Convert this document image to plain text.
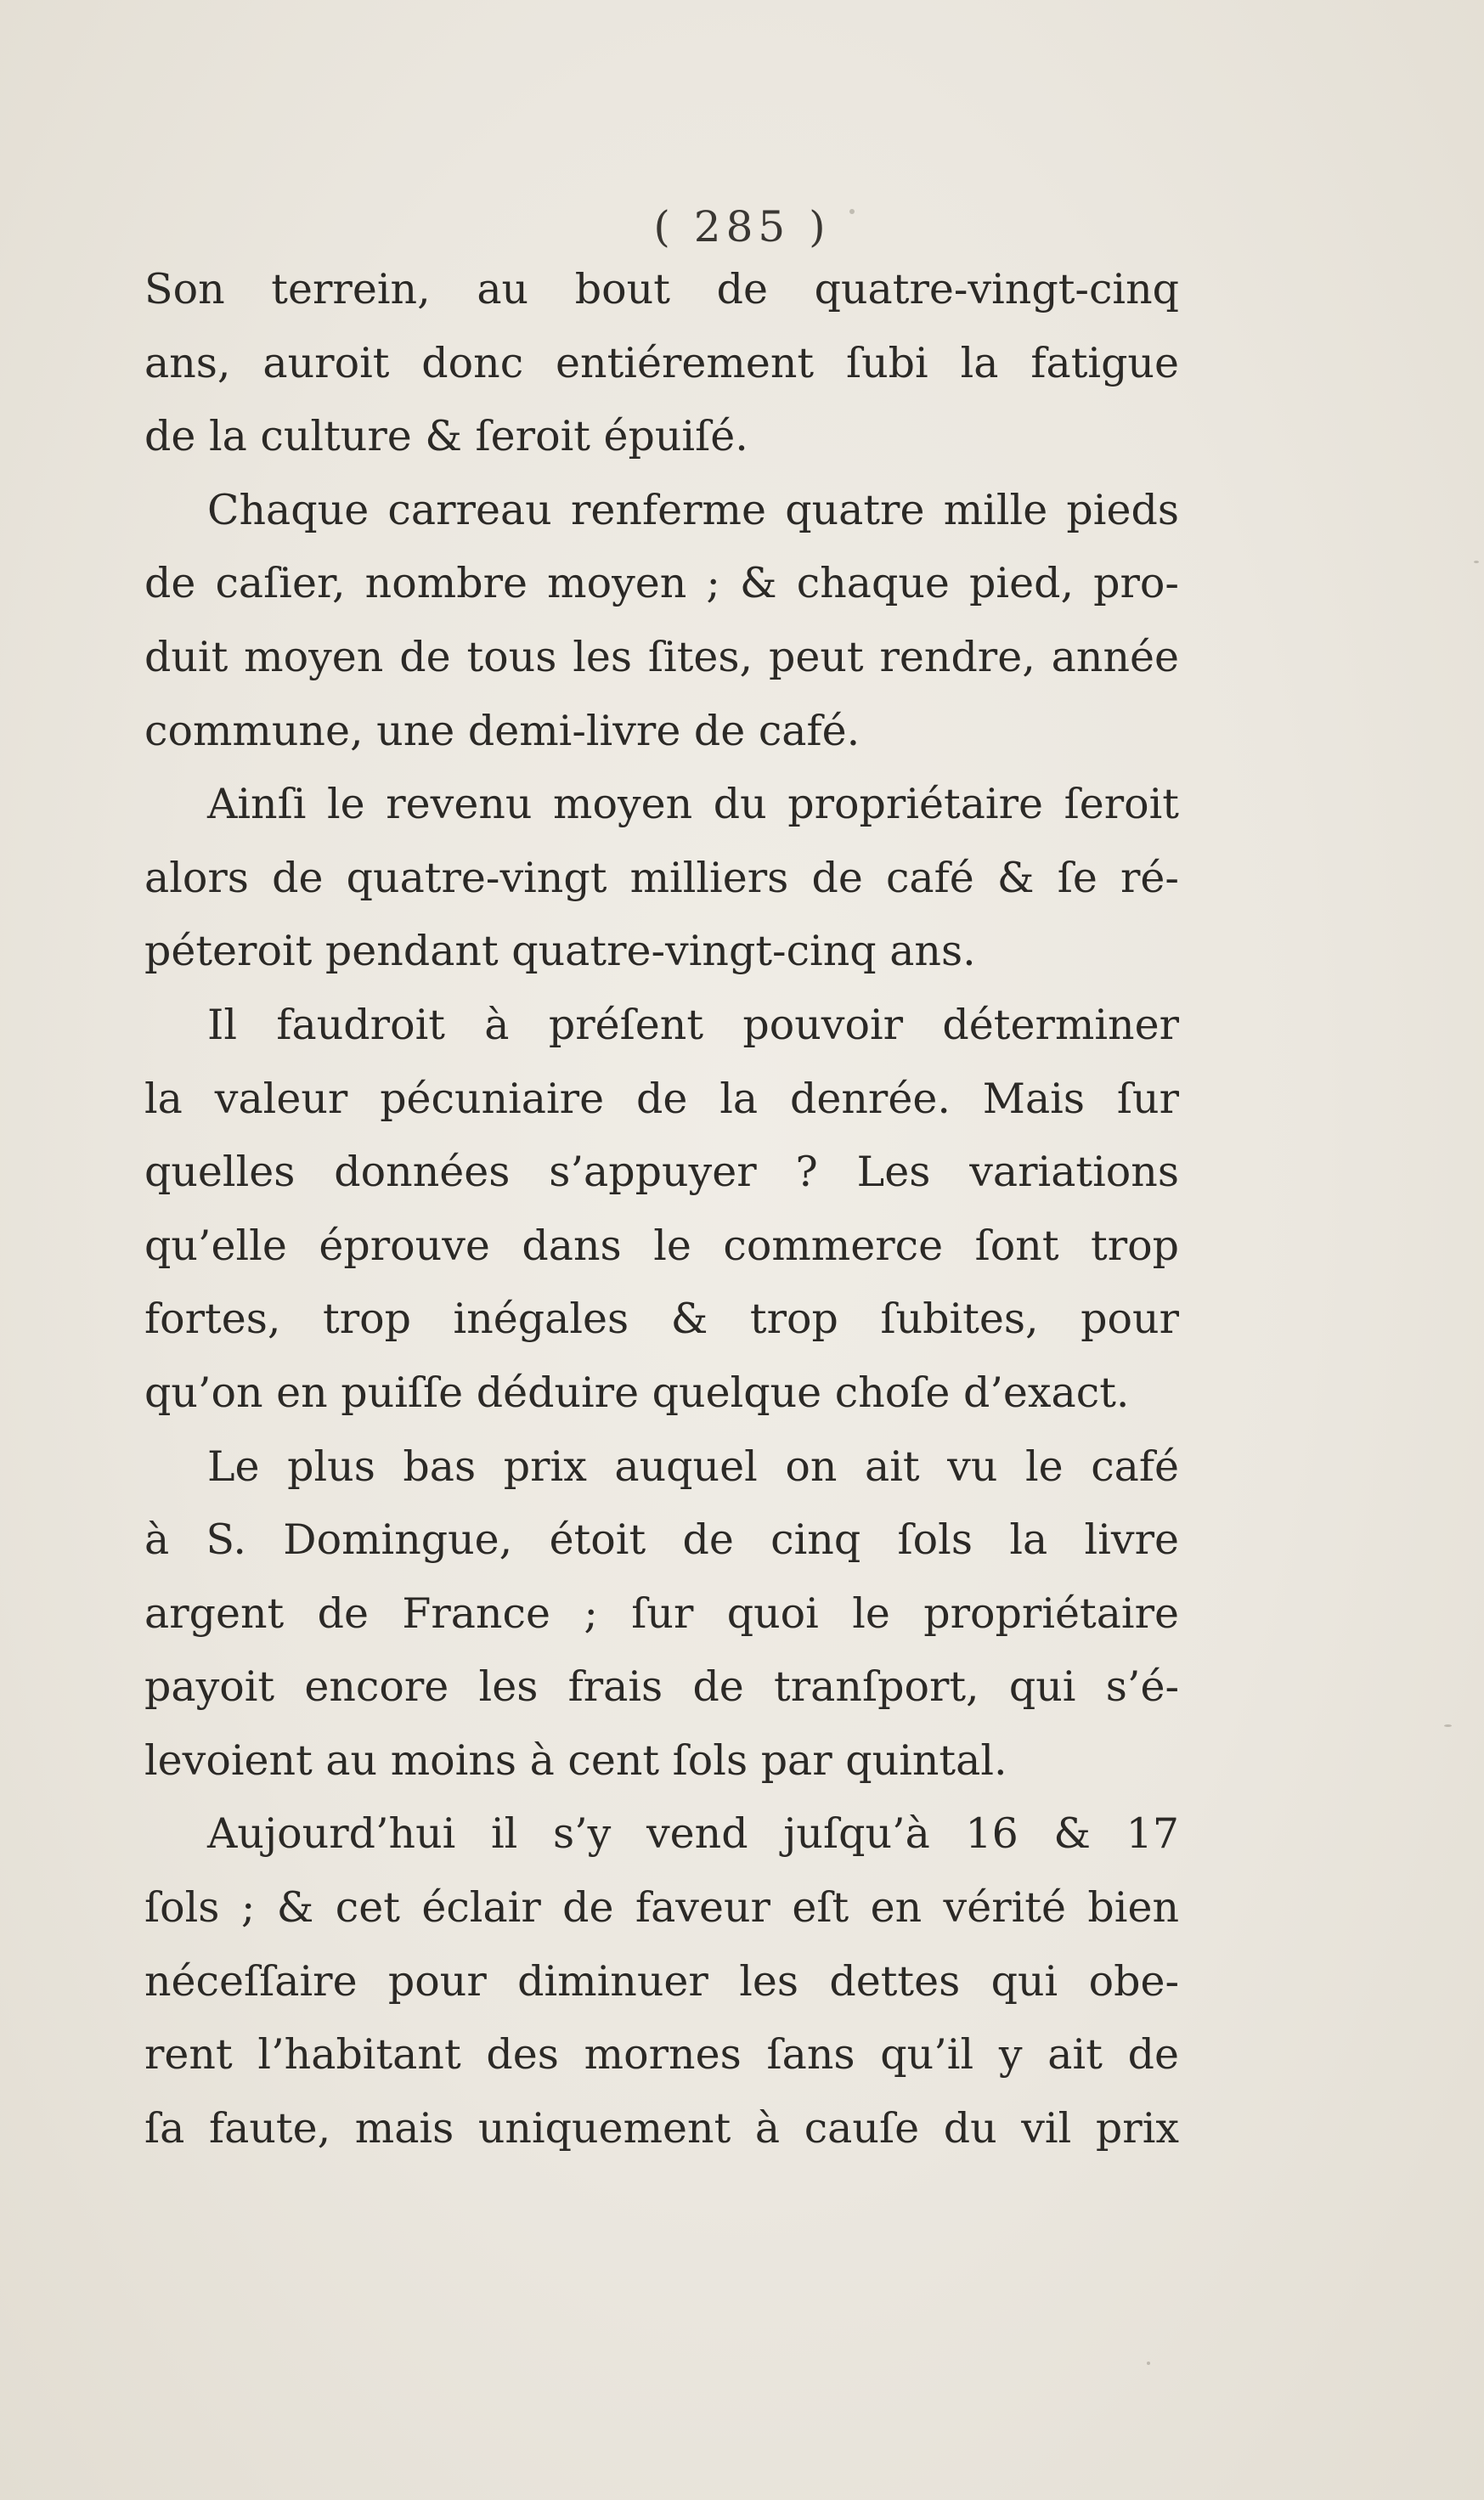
( 285 )
Son terrein, au bout de quatre-vingt-cinq
ans, auroit donc entiérement ſubi la fatigue
de la culture & ſeroit épuiſé.
Chaque carreau renferme quatre mille pieds
de caſier, nombre moyen ; & chaque pied, pro-
duit moyen de tous les ſites, peut rendre, année
commune, une demi-livre de café.
Ainſi le revenu moyen du propriétaire ſeroit
alors de quatre-vingt milliers de café & ſe ré-
péteroit pendant quatre-vingt-cinq ans.
Il faudroit à préſent pouvoir déterminer
la valeur pécuniaire de la denrée. Mais ſur
quelles données s’appuyer ? Les variations
qu’elle éprouve dans le commerce ſont trop
fortes, trop inégales & trop ſubites, pour
qu’on en puiſſe déduire quelque choſe d’exact.
Le plus bas prix auquel on ait vu le café
à S. Domingue, étoit de cinq ſols la livre
argent de France ; ſur quoi le propriétaire
payoit encore les frais de tranſport, qui s’é-
levoient au moins à cent ſols par quintal.
Aujourd’hui il s’y vend juſqu’à 16 & 17
ſols ; & cet éclair de faveur eſt en vérité bien
néceſſaire pour diminuer les dettes qui obe-
rent l’habitant des mornes ſans qu’il y ait de
ſa faute, mais uniquement à cauſe du vil prix
